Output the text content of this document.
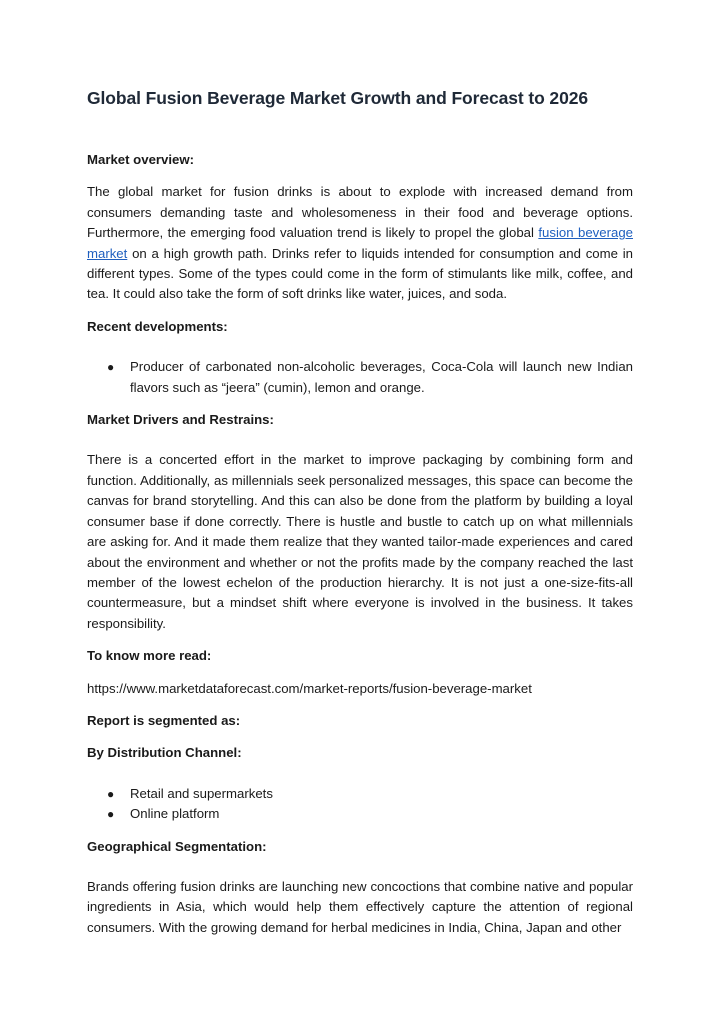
Global Fusion Beverage Market Growth and Forecast to 2026

Market overview:

The global market for fusion drinks is about to explode with increased demand from consumers demanding taste and wholesomeness in their food and beverage options. Furthermore, the emerging food valuation trend is likely to propel the global fusion beverage market on a high growth path. Drinks refer to liquids intended for consumption and come in different types. Some of the types could come in the form of stimulants like milk, coffee, and tea. It could also take the form of soft drinks like water, juices, and soda.

Recent developments:

● Producer of carbonated non-alcoholic beverages, Coca-Cola will launch new Indian flavors such as “jeera” (cumin), lemon and orange.

Market Drivers and Restrains:

There is a concerted effort in the market to improve packaging by combining form and function. Additionally, as millennials seek personalized messages, this space can become the canvas for brand storytelling. And this can also be done from the platform by building a loyal consumer base if done correctly. There is hustle and bustle to catch up on what millennials are asking for. And it made them realize that they wanted tailor-made experiences and cared about the environment and whether or not the profits made by the company reached the last member of the lowest echelon of the production hierarchy. It is not just a one-size-fits-all countermeasure, but a mindset shift where everyone is involved in the business. It takes responsibility.

To know more read:

https://www.marketdataforecast.com/market-reports/fusion-beverage-market

Report is segmented as:

By Distribution Channel:

● Retail and supermarkets
● Online platform

Geographical Segmentation:

Brands offering fusion drinks are launching new concoctions that combine native and popular ingredients in Asia, which would help them effectively capture the attention of regional consumers. With the growing demand for herbal medicines in India, China, Japan and other
